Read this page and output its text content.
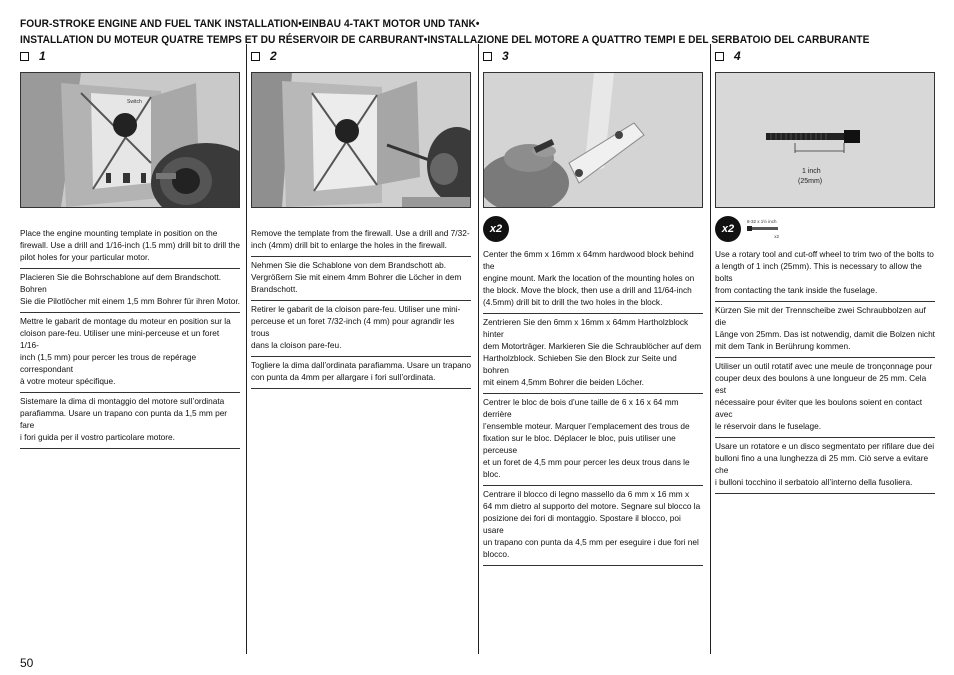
FOUR-STROKE ENGINE AND FUEL TANK INSTALLATION•EINBAU 4-TAKT MOTOR UND TANK•
INSTALLATION DU MOTEUR QUATRE TEMPS ET DU RÉSERVOIR DE CARBURANT•INSTALLAZIONE DEL MOTORE A QUATTRO TEMPI E DEL SERBATOIO DEL CARBURANTE
1
Switch
Place the engine mounting template in position on the
firewall. Use a drill and 1/16-inch (1.5 mm) drill bit to drill the
pilot holes for your particular motor.
Placieren Sie die Bohrschablone auf dem Brandschott. Bohren
Sie die Pilotlöcher mit einem 1,5 mm Bohrer für ihren Motor.
Mettre le gabarit de montage du moteur en position sur la
cloison pare-feu. Utiliser une mini-perceuse et un foret 1/16-
inch (1,5 mm) pour percer les trous de repérage correspondant
à votre moteur spécifique.
Sistemare la dima di montaggio del motore sull’ordinata
parafiamma. Usare un trapano con punta da 1,5 mm per fare
i fori guida per il vostro particolare motore.
2
Remove the template from the firewall. Use a drill and 7/32-
inch (4mm) drill bit to enlarge the holes in the firewall.
Nehmen Sie die Schablone von dem Brandschott ab.
Vergrößern Sie mit einem 4mm Bohrer die Löcher in dem
Brandschott.
Retirer le gabarit de la cloison pare-feu. Utiliser une mini-
perceuse et un foret 7/32-inch (4 mm) pour agrandir les trous
dans la cloison pare-feu.
Togliere la dima dall’ordinata parafiamma. Usare un trapano
con punta da 4mm per allargare i fori sull’ordinata.
3
x2
Center the 6mm x 16mm x 64mm hardwood block behind the
engine mount. Mark the location of the mounting holes on
the block. Move the block, then use a drill and 11/64-inch
(4.5mm) drill bit to drill the two holes in the block.
Zentrieren Sie den 6mm x 16mm x 64mm Hartholzblock hinter
dem Motorträger. Markieren Sie die Schraublöcher auf dem
Hartholzblock. Schieben Sie den Block zur Seite und bohren
mit einem 4,5mm Bohrer die beiden Löcher.
Centrer le bloc de bois d’une taille de 6 x 16 x 64 mm derrière
l’ensemble moteur. Marquer l’emplacement des trous de
fixation sur le bloc. Déplacer le bloc, puis utiliser une perceuse
et un foret de 4,5 mm pour percer les deux trous dans le bloc.
Centrare il blocco di legno massello da 6 mm x 16 mm x
64 mm dietro al supporto del motore. Segnare sul blocco la
posizione dei fori di montaggio. Spostare il blocco, poi usare
un trapano con punta da 4,5 mm per eseguire i due fori nel
blocco.
4
1 inch
(25mm)
x2
8-32 x 1½ inch
x2
Use a rotary tool and cut-off wheel to trim two of the bolts to
a length of 1 inch (25mm). This is necessary to allow the bolts
from contacting the tank inside the fuselage.
Kürzen Sie mit der Trennscheibe zwei Schraubbolzen auf die
Länge von 25mm. Das ist notwendig, damit die Bolzen nicht
mit dem Tank in Berührung kommen.
Utiliser un outil rotatif avec une meule de tronçonnage pour
couper deux des boulons à une longueur de 25 mm. Cela est
nécessaire pour éviter que les boulons soient en contact avec
le réservoir dans le fuselage.
Usare un rotatore e un disco segmentato per rifilare due dei
bulloni fino a una lunghezza di 25 mm. Ciò serve a evitare che
i bulloni tocchino il serbatoio all’interno della fusoliera.
50
